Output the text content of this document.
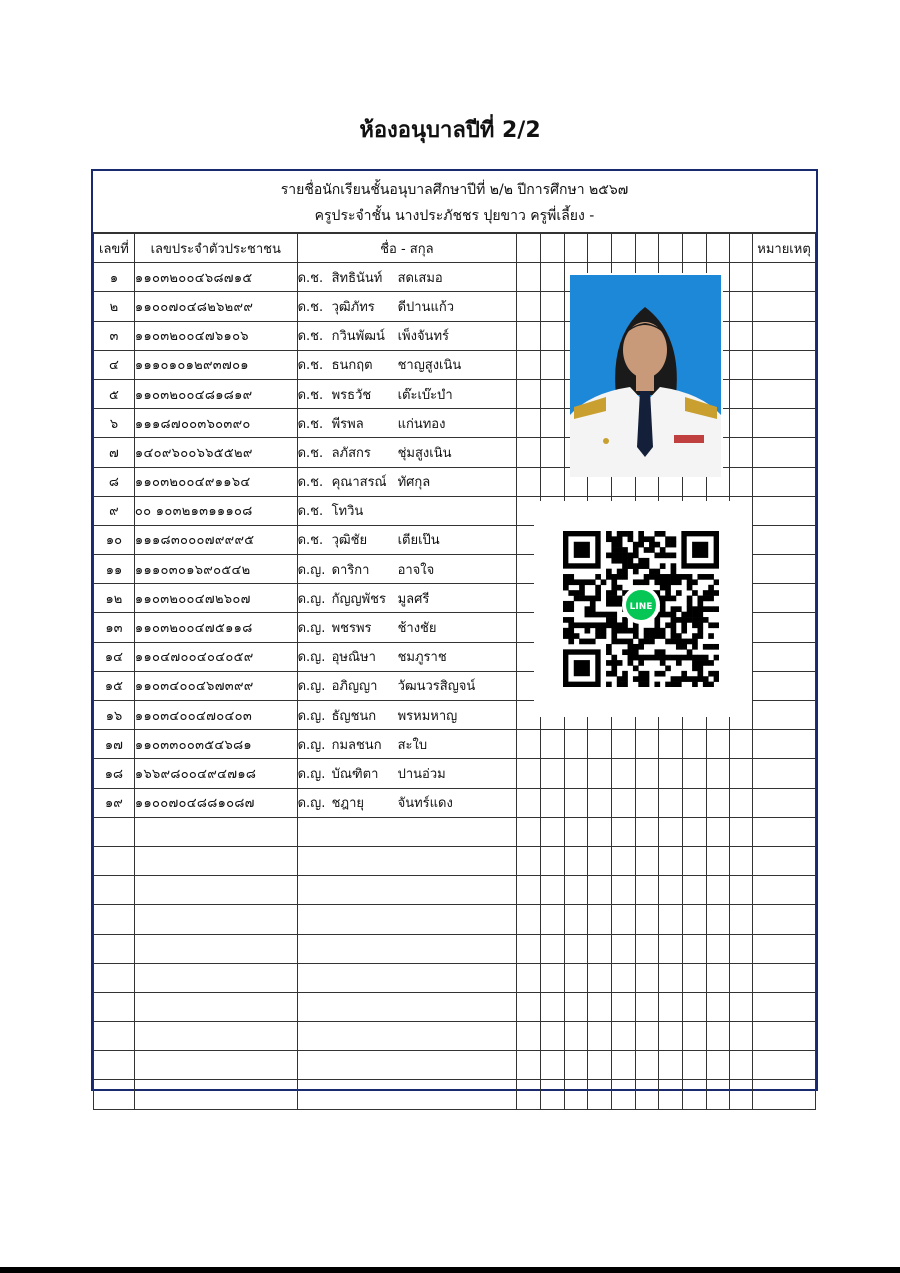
ห้องอนุบาลปีที่ 2/2
รายชื่อนักเรียนชั้นอนุบาลศึกษาปีที่ ๒/๒ ปีการศึกษา ๒๕๖๗
ครูประจำชั้น นางประภัชชร ปุยขาว ครูพี่เลี้ยง -
เลขที่	เลขประจำตัวประชาชน	ชื่อ - สกุล											หมายเหตุ
๑	๑๑๐๓๒๐๐๔๖๘๗๑๕	ด.ช. สิทธินันท์ สดเสมอ											
๒	๑๑๐๐๗๐๔๘๒๖๒๙๙	ด.ช. วุฒิภัทร ดีปานแก้ว											
๓	๑๑๐๓๒๐๐๔๗๖๑๐๖	ด.ช. กวินพัฒน์ เพ็งจันทร์											
๔	๑๑๑๐๑๐๑๒๙๓๗๐๑	ด.ช. ธนกฤต ชาญสูงเนิน											
๕	๑๑๐๓๒๐๐๔๘๑๘๑๙	ด.ช. พรธวัช เต๊ะเบ๊ะบำ											
๖	๑๑๑๘๗๐๐๓๖๐๓๙๐	ด.ช. พีรพล แก่นทอง											
๗	๑๔๐๙๖๐๐๖๖๕๕๒๙	ด.ช. ลภัสกร ชุ่มสูงเนิน											
๘	๑๑๐๓๒๐๐๔๙๑๑๖๔	ด.ช. คุณาสรณ์ ทัศกุล											
๙	๐๐ ๑๐๓๒๑๓๑๑๑๐๘	ด.ช. โทวิน											
๑๐	๑๑๑๘๓๐๐๐๗๙๙๙๕	ด.ช. วุฒิชัย เตียเป๊น											
๑๑	๑๑๑๐๓๐๑๖๙๐๕๔๒	ด.ญ. ดาริกา อาจใจ											
๑๒	๑๑๐๓๒๐๐๔๗๒๖๐๗	ด.ญ. กัญญพัชร มูลศรี											
๑๓	๑๑๐๓๒๐๐๔๗๕๑๑๘	ด.ญ. พชรพร ช้างชัย											
๑๔	๑๑๐๔๗๐๐๔๐๔๐๕๙	ด.ญ. อุษณิษา ชมภูราช											
๑๕	๑๑๐๓๔๐๐๔๖๗๓๙๙	ด.ญ. อภิญญา วัฒนวรสิญจน์											
๑๖	๑๑๐๓๔๐๐๔๗๐๔๐๓	ด.ญ. ธัญชนก พรหมหาญ											
๑๗	๑๑๐๓๓๐๐๓๕๔๖๘๑	ด.ญ. กมลชนก สะใบ											
๑๘	๑๖๖๙๘๐๐๔๙๔๗๑๘	ด.ญ. บัณฑิตา ปานอ่วม											
๑๙	๑๑๐๐๗๐๔๘๘๑๐๘๗	ด.ญ. ชฎายุ จันทร์แดง											

LINE
